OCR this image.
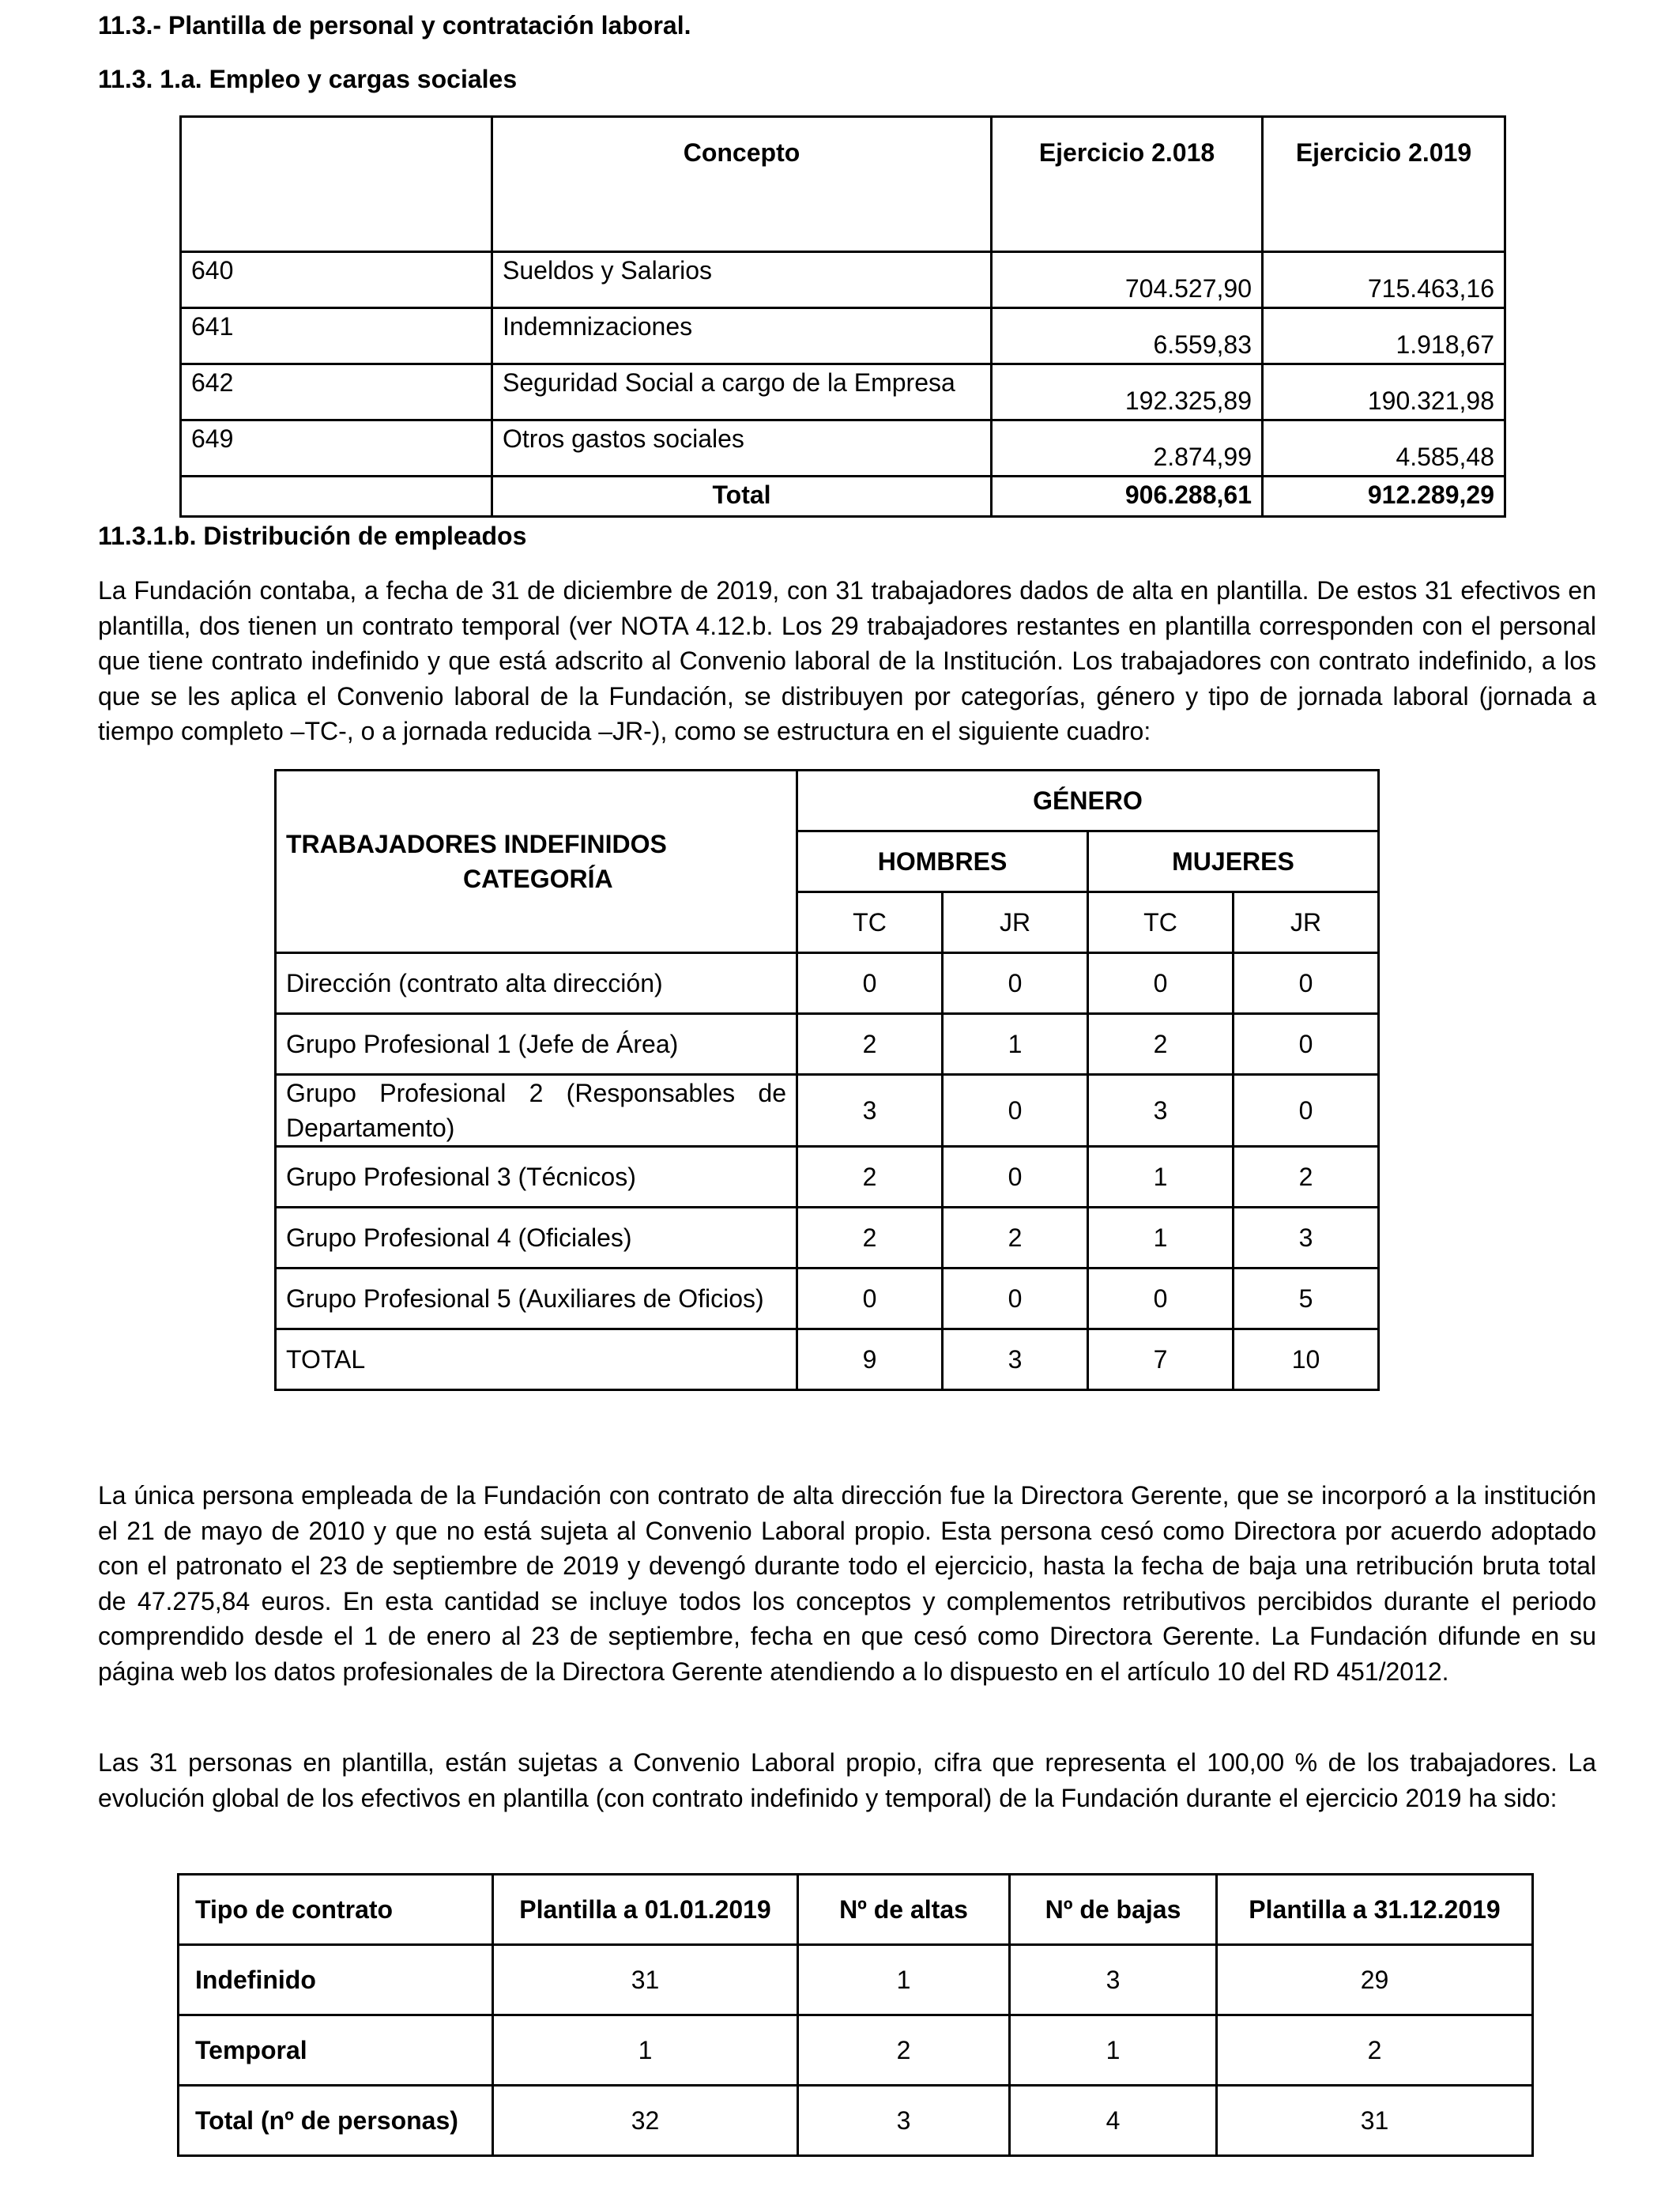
11.3.- Plantilla de personal y contratación laboral.
11.3. 1.a. Empleo y cargas sociales
	Concepto	Ejercicio 2.018	Ejercicio 2.019
640	Sueldos y Salarios	704.527,90	715.463,16
641	Indemnizaciones	6.559,83	1.918,67
642	Seguridad Social a cargo de la Empresa	192.325,89	190.321,98
649	Otros gastos sociales	2.874,99	4.585,48
	Total	906.288,61	912.289,29
11.3.1.b. Distribución de empleados
La Fundación contaba, a fecha de 31 de diciembre de 2019, con 31 trabajadores dados de alta en plantilla. De estos 31 efectivos en plantilla, dos tienen un contrato temporal (ver NOTA 4.12.b. Los 29 trabajadores restantes en plantilla corresponden con el personal que tiene contrato indefinido y que está adscrito al Convenio laboral de la Institución. Los trabajadores con contrato indefinido, a los que se les aplica el Convenio laboral de la Fundación, se distribuyen por categorías, género y tipo de jornada laboral (jornada a tiempo completo –TC-, o a jornada reducida –JR-), como se estructura en el siguiente cuadro:
TRABAJADORES INDEFINIDOS
CATEGORÍA	GÉNERO			
	HOMBRES		MUJERES	
	TC	JR	TC	JR
Dirección (contrato alta dirección)	0	0	0	0
Grupo Profesional 1 (Jefe de Área)	2	1	2	0
Grupo Profesional 2 (Responsables de Departamento)	3	0	3	0
Grupo Profesional 3 (Técnicos)	2	0	1	2
Grupo Profesional 4 (Oficiales)	2	2	1	3
Grupo Profesional 5 (Auxiliares de Oficios)	0	0	0	5
TOTAL	9	3	7	10
La única persona empleada de la Fundación con contrato de alta dirección fue la Directora Gerente, que se incorporó a la institución el 21 de mayo de 2010 y que no está sujeta al Convenio Laboral propio. Esta persona cesó como Directora por acuerdo adoptado con el patronato el 23 de septiembre de 2019 y devengó durante todo el ejercicio, hasta la fecha de baja una retribución bruta total de 47.275,84 euros. En esta cantidad se incluye todos los conceptos y complementos retributivos percibidos durante el periodo comprendido desde el 1 de enero al 23 de septiembre, fecha en que cesó como Directora Gerente. La Fundación difunde en su página web los datos profesionales de la Directora Gerente atendiendo a lo dispuesto en el artículo 10 del RD 451/2012.
Las 31 personas en plantilla, están sujetas a Convenio Laboral propio, cifra que representa el 100,00 % de los trabajadores. La evolución global de los efectivos en plantilla (con contrato indefinido y temporal) de la Fundación durante el ejercicio 2019 ha sido:
Tipo de contrato	Plantilla a 01.01.2019	Nº de altas	Nº de bajas	Plantilla a 31.12.2019
Indefinido	31	1	3	29
Temporal	1	2	1	2
Total (nº de personas)	32	3	4	31
